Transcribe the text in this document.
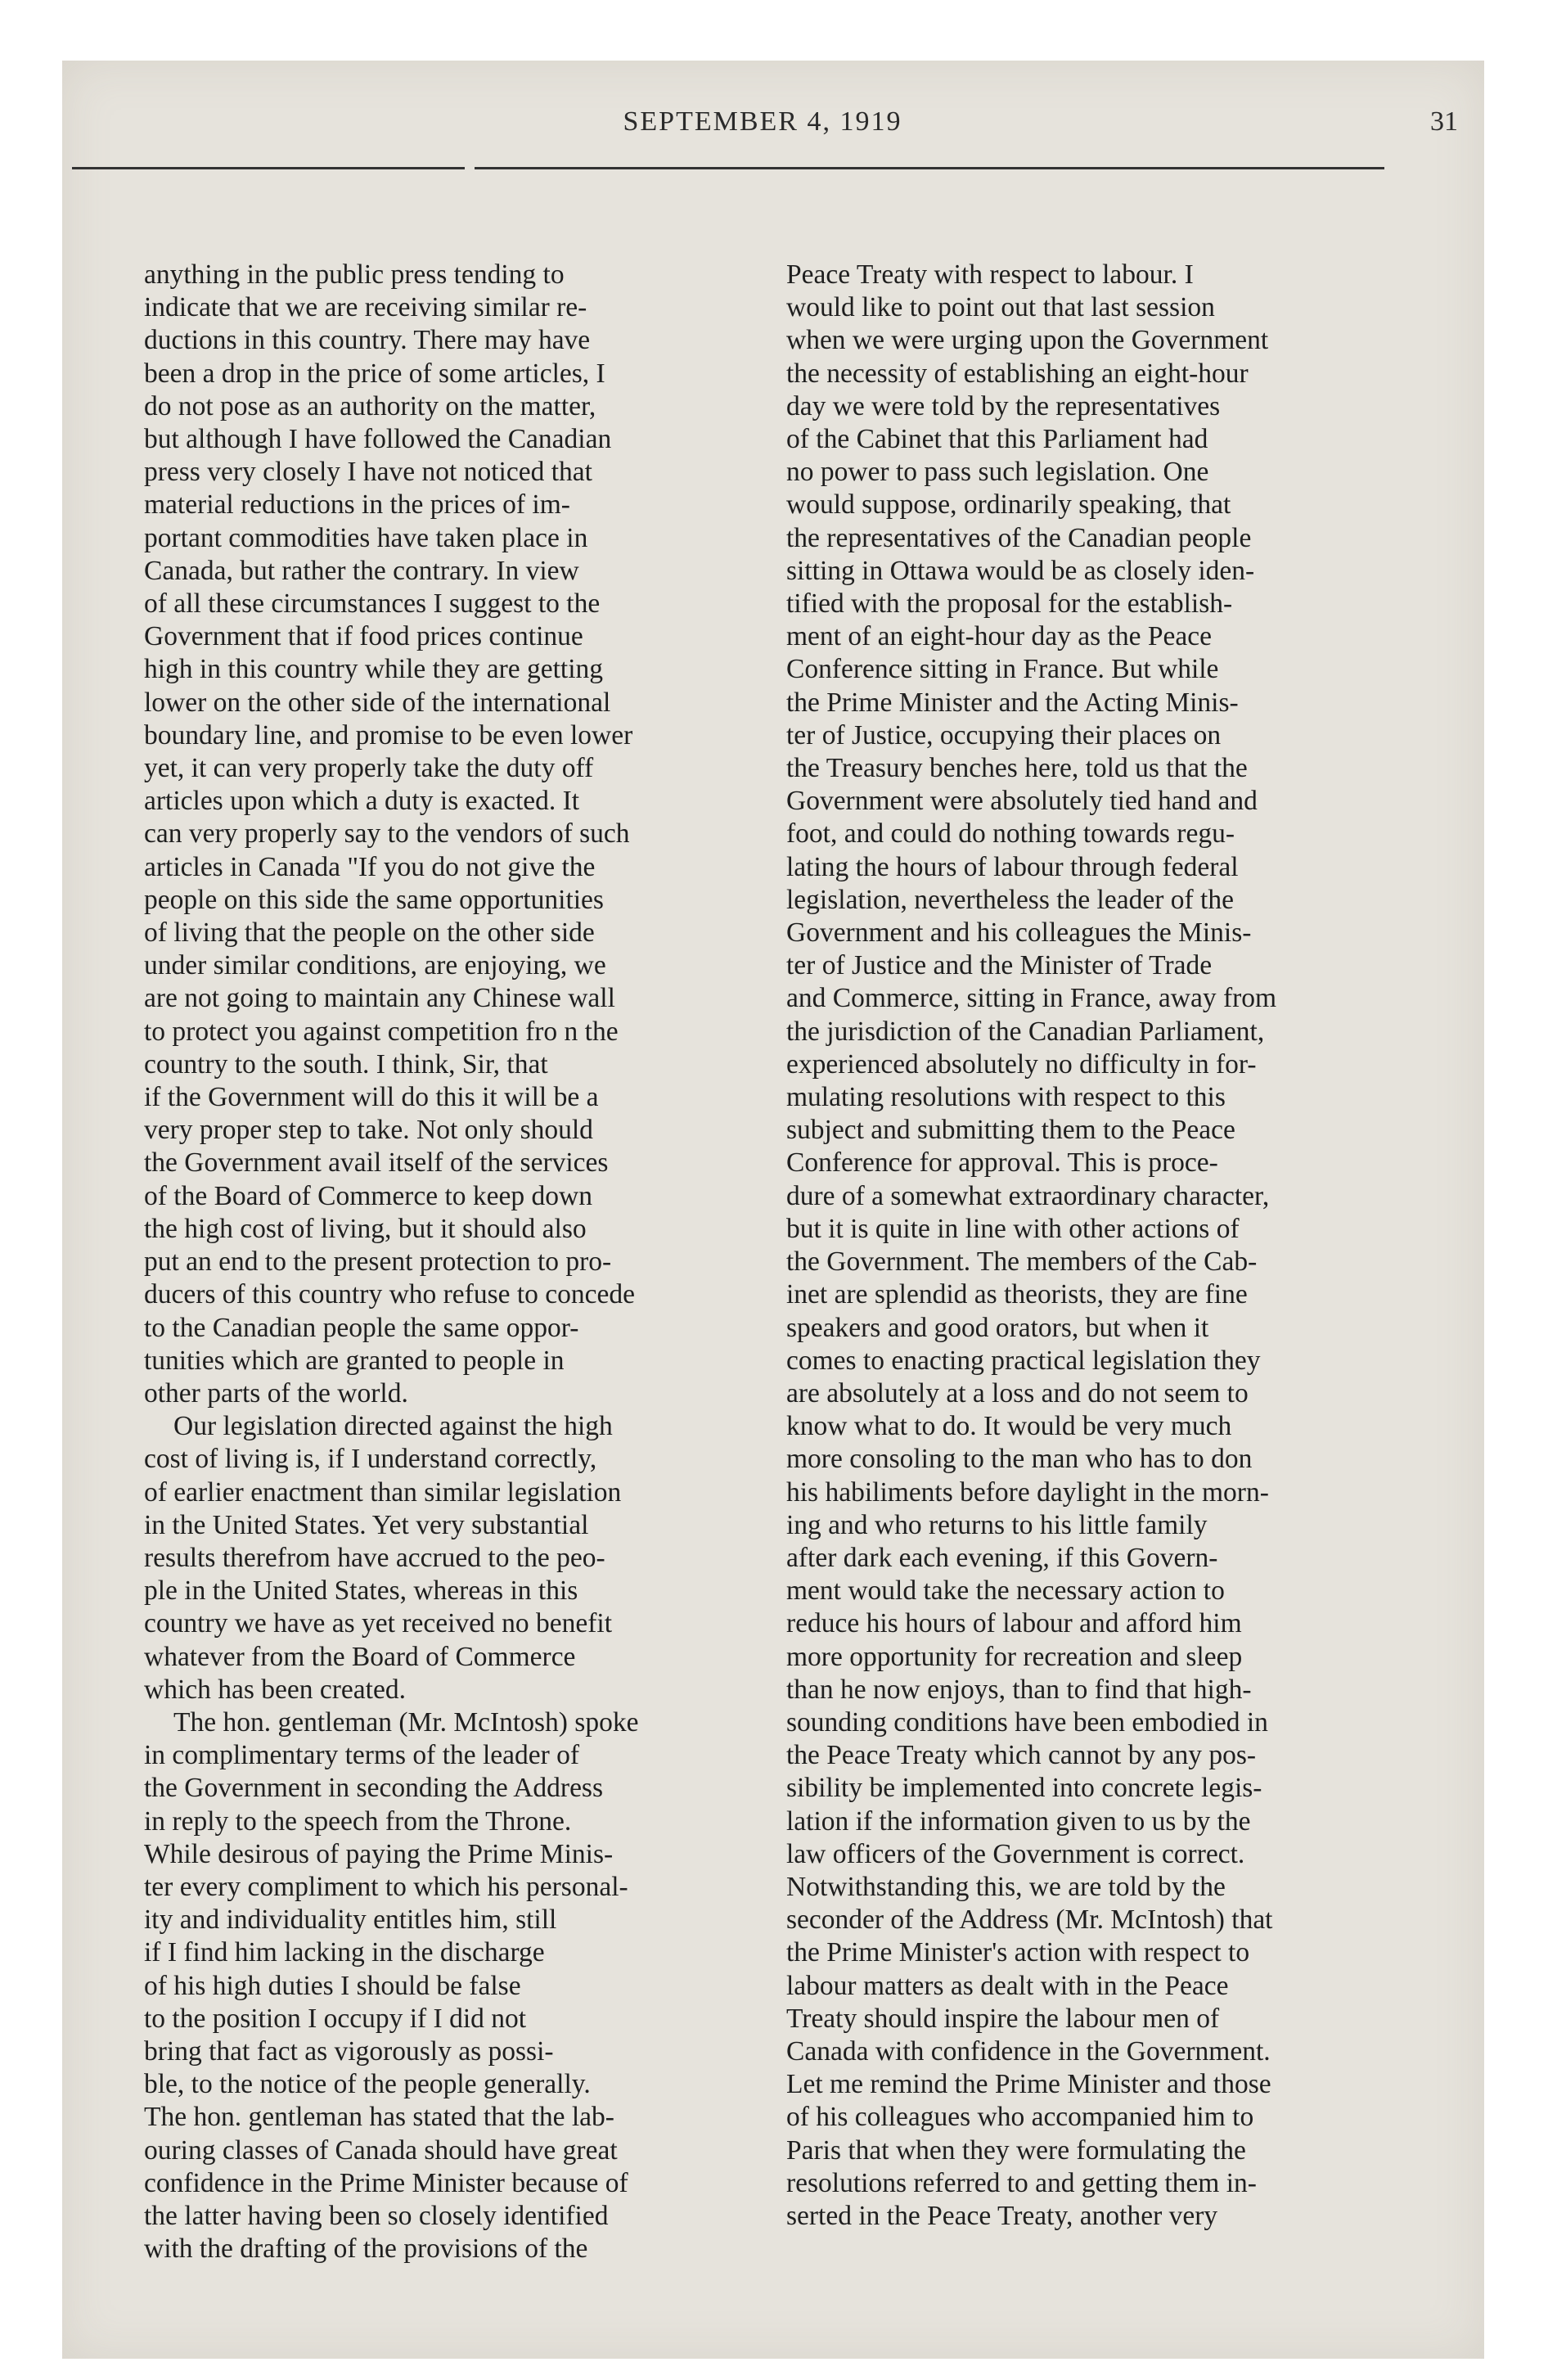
SEPTEMBER 4, 1919	31

anything in the public press tending to
indicate that we are receiving similar re-
ductions in this country. There may have
been a drop in the price of some articles, I
do not pose as an authority on the matter,
but although I have followed the Canadian
press very closely I have not noticed that
material reductions in the prices of im-
portant commodities have taken place in
Canada, but rather the contrary. In view
of all these circumstances I suggest to the
Government that if food prices continue
high in this country while they are getting
lower on the other side of the international
boundary line, and promise to be even lower
yet, it can very properly take the duty off
articles upon which a duty is exacted. It
can very properly say to the vendors of such
articles in Canada "If you do not give the
people on this side the same opportunities
of living that the people on the other side
under similar conditions, are enjoying, we
are not going to maintain any Chinese wall
to protect you against competition fro n the
country to the south. I think, Sir, that
if the Government will do this it will be a
very proper step to take. Not only should
the Government avail itself of the services
of the Board of Commerce to keep down
the high cost of living, but it should also
put an end to the present protection to pro-
ducers of this country who refuse to concede
to the Canadian people the same oppor-
tunities which are granted to people in
other parts of the world.

Our legislation directed against the high
cost of living is, if I understand correctly,
of earlier enactment than similar legislation
in the United States. Yet very substantial
results therefrom have accrued to the peo-
ple in the United States, whereas in this
country we have as yet received no benefit
whatever from the Board of Commerce
which has been created.

The hon. gentleman (Mr. McIntosh) spoke
in complimentary terms of the leader of
the Government in seconding the Address
in reply to the speech from the Throne.
While desirous of paying the Prime Minis-
ter every compliment to which his personal-
ity and individuality entitles him, still
if I find him lacking in the discharge
of his high duties I should be false
to the position I occupy if I did not
bring that fact as vigorously as possi-
ble, to the notice of the people generally.
The hon. gentleman has stated that the lab-
ouring classes of Canada should have great
confidence in the Prime Minister because of
the latter having been so closely identified
with the drafting of the provisions of the

Peace Treaty with respect to labour. I
would like to point out that last session
when we were urging upon the Government
the necessity of establishing an eight-hour
day we were told by the representatives
of the Cabinet that this Parliament had
no power to pass such legislation. One
would suppose, ordinarily speaking, that
the representatives of the Canadian people
sitting in Ottawa would be as closely iden-
tified with the proposal for the establish-
ment of an eight-hour day as the Peace
Conference sitting in France. But while
the Prime Minister and the Acting Minis-
ter of Justice, occupying their places on
the Treasury benches here, told us that the
Government were absolutely tied hand and
foot, and could do nothing towards regu-
lating the hours of labour through federal
legislation, nevertheless the leader of the
Government and his colleagues the Minis-
ter of Justice and the Minister of Trade
and Commerce, sitting in France, away from
the jurisdiction of the Canadian Parliament,
experienced absolutely no difficulty in for-
mulating resolutions with respect to this
subject and submitting them to the Peace
Conference for approval. This is proce-
dure of a somewhat extraordinary character,
but it is quite in line with other actions of
the Government. The members of the Cab-
inet are splendid as theorists, they are fine
speakers and good orators, but when it
comes to enacting practical legislation they
are absolutely at a loss and do not seem to
know what to do. It would be very much
more consoling to the man who has to don
his habiliments before daylight in the morn-
ing and who returns to his little family
after dark each evening, if this Govern-
ment would take the necessary action to
reduce his hours of labour and afford him
more opportunity for recreation and sleep
than he now enjoys, than to find that high-
sounding conditions have been embodied in
the Peace Treaty which cannot by any pos-
sibility be implemented into concrete legis-
lation if the information given to us by the
law officers of the Government is correct.
Notwithstanding this, we are told by the
seconder of the Address (Mr. McIntosh) that
the Prime Minister's action with respect to
labour matters as dealt with in the Peace
Treaty should inspire the labour men of
Canada with confidence in the Government.
Let me remind the Prime Minister and those
of his colleagues who accompanied him to
Paris that when they were formulating the
resolutions referred to and getting them in-
serted in the Peace Treaty, another very
